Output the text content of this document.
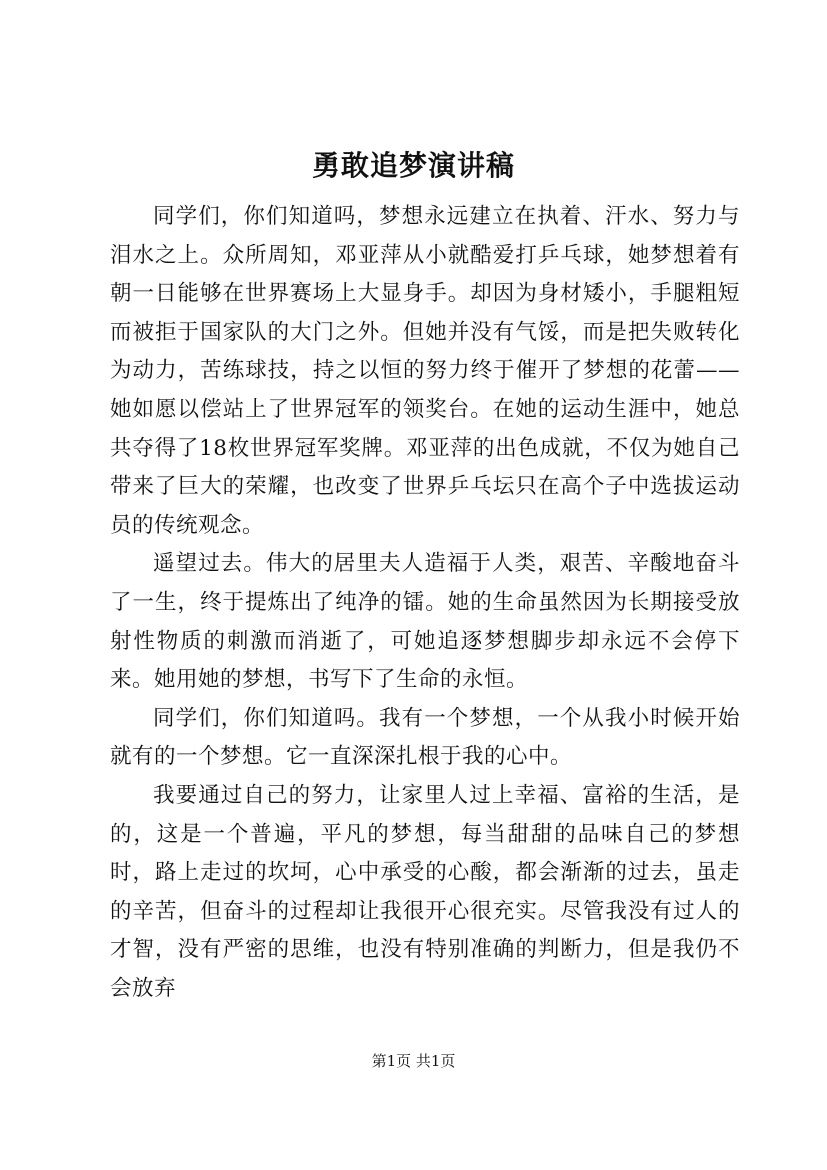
勇敢追梦演讲稿

同学们，你们知道吗，梦想永远建立在执着、汗水、努力与泪水之上。众所周知，邓亚萍从小就酷爱打乒乓球，她梦想着有朝一日能够在世界赛场上大显身手。却因为身材矮小，手腿粗短而被拒于国家队的大门之外。但她并没有气馁，而是把失败转化为动力，苦练球技，持之以恒的努力终于催开了梦想的花蕾——她如愿以偿站上了世界冠军的领奖台。在她的运动生涯中，她总共夺得了18枚世界冠军奖牌。邓亚萍的出色成就，不仅为她自己带来了巨大的荣耀，也改变了世界乒乓坛只在高个子中选拔运动员的传统观念。

遥望过去。伟大的居里夫人造福于人类，艰苦、辛酸地奋斗了一生，终于提炼出了纯净的镭。她的生命虽然因为长期接受放射性物质的刺激而消逝了，可她追逐梦想脚步却永远不会停下来。她用她的梦想，书写下了生命的永恒。

同学们，你们知道吗。我有一个梦想，一个从我小时候开始就有的一个梦想。它一直深深扎根于我的心中。

我要通过自己的努力，让家里人过上幸福、富裕的生活，是的，这是一个普遍，平凡的梦想，每当甜甜的品味自己的梦想时，路上走过的坎坷，心中承受的心酸，都会渐渐的过去，虽走的辛苦，但奋斗的过程却让我很开心很充实。尽管我没有过人的才智，没有严密的思维，也没有特别准确的判断力，但是我仍不会放弃

第1页 共1页
